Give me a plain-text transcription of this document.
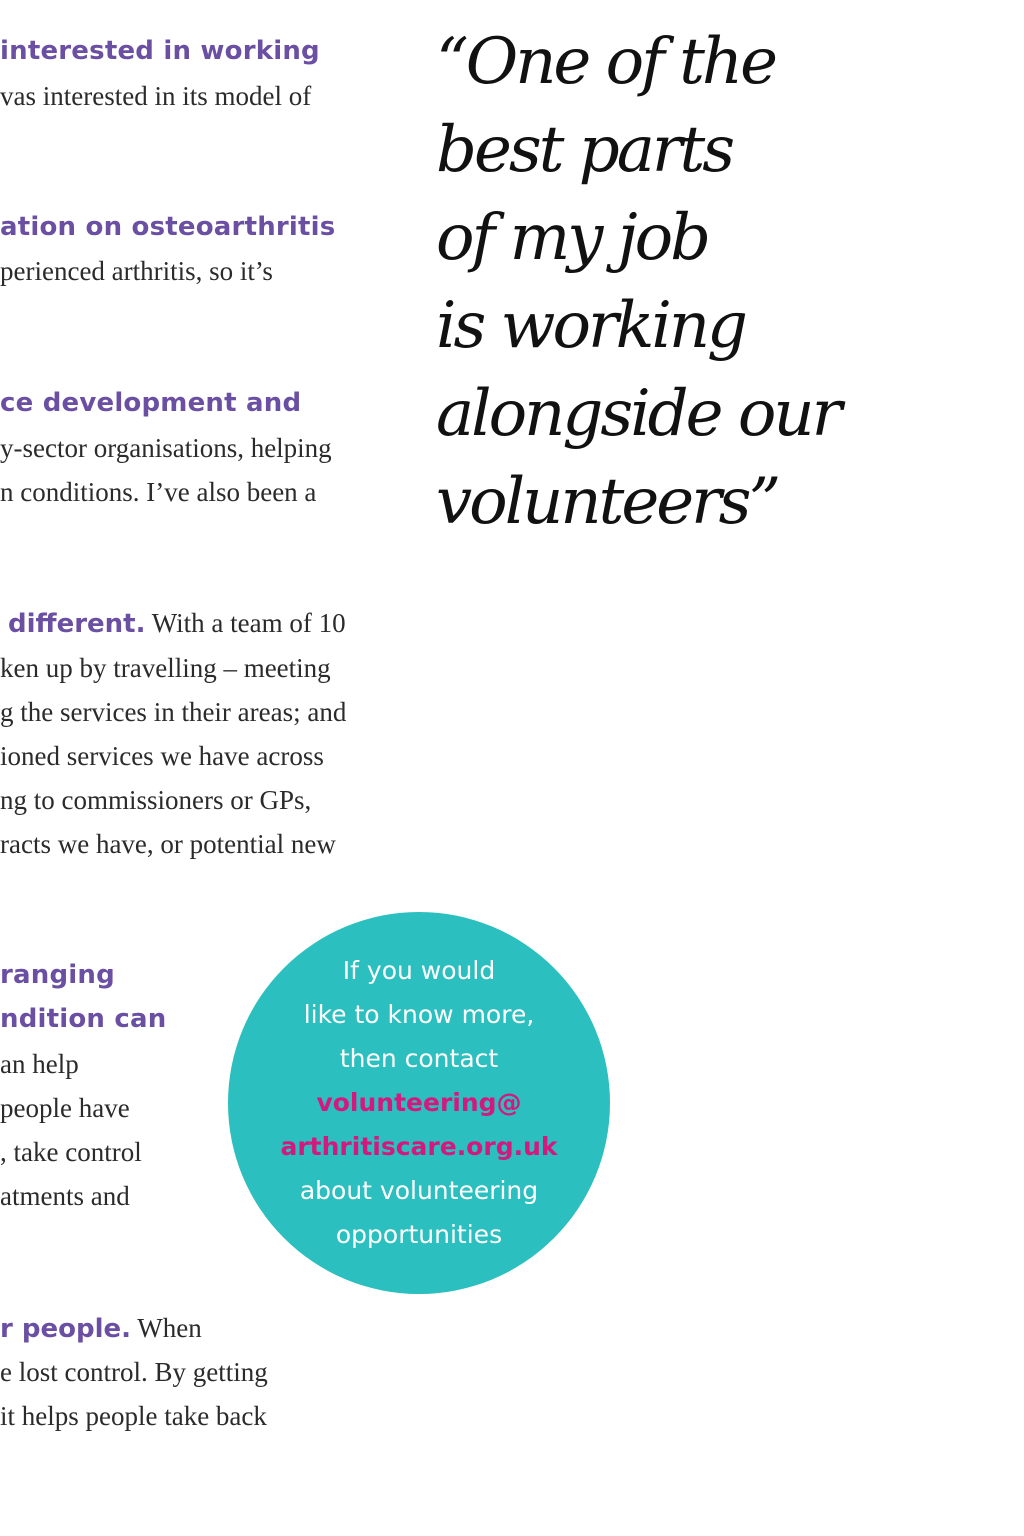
interested in working
vas interested in its model of
ation on osteoarthritis
perienced arthritis, so it’s
ce development and
y-sector organisations, helping
n conditions. I’ve also been a
different. With a team of 10
ken up by travelling – meeting
g the services in their areas; and
ioned services we have across
ng to commissioners or GPs,
racts we have, or potential new
ranging
ndition can
an help
people have
, take control
atments and
r people. When
e lost control. By getting
it helps people take back
“One of the
best parts
of my job
is working
alongside our
volunteers”
If you would
like to know more,
then contact
volunteering@
arthritiscare.org.uk
about volunteering
opportunities
